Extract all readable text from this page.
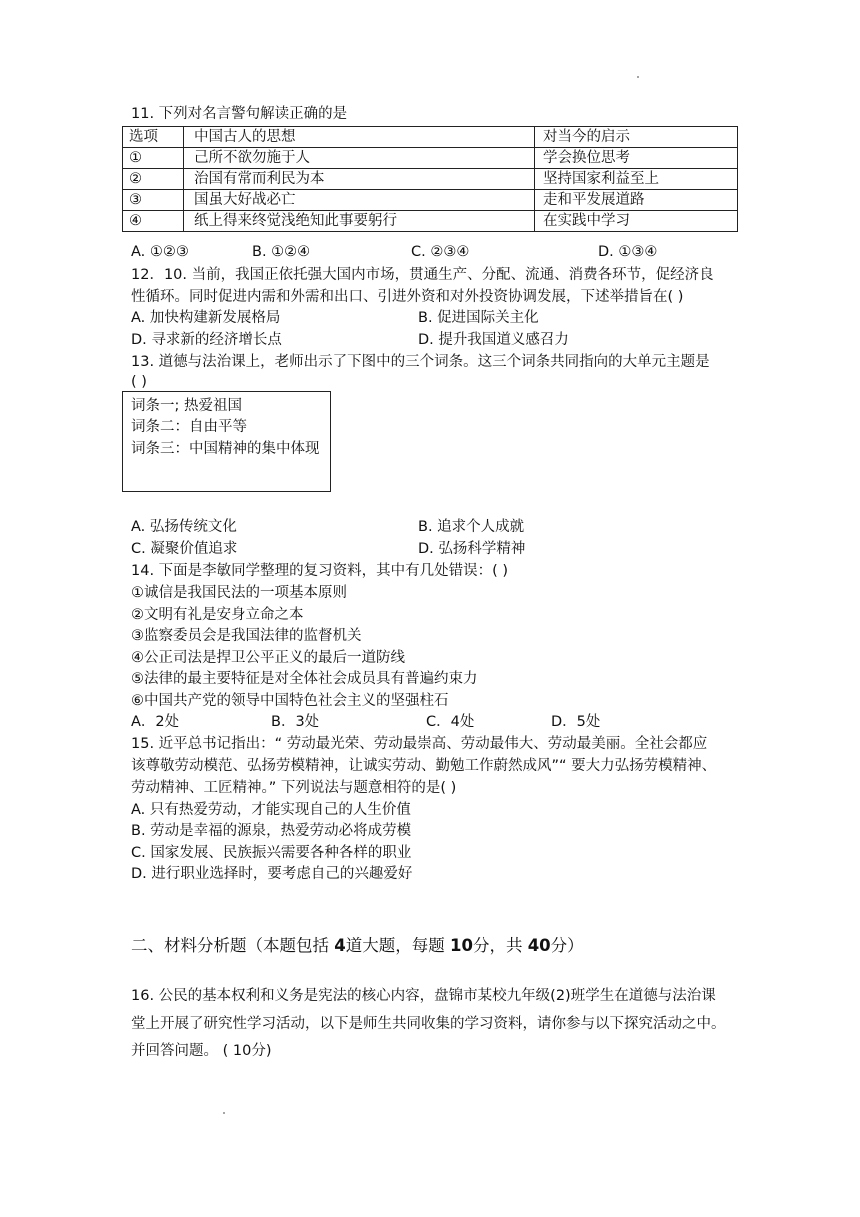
11. 下列对名言警句解读正确的是
选项	中国古人的思想	对当今的启示
①	己所不欲勿施于人	学会换位思考
②	治国有常而利民为本	坚持国家利益至上
③	国虽大好战必亡	走和平发展道路
④	纸上得来终觉浅绝知此事要躬行	在实践中学习
A. ①②③	B. ①②④	C. ②③④	D. ①③④
12．10. 当前，我国正依托强大国内市场，贯通生产、分配、流通、消费各环节，促经济良
性循环。同时促进内需和外需和出口、引进外资和对外投资协调发展，下述举措旨在( )
A. 加快构建新发展格局	B. 促进国际关主化
D. 寻求新的经济增长点	D. 提升我国道义感召力
13. 道德与法治课上，老师出示了下图中的三个词条。这三个词条共同指向的大单元主题是
( )
词条一; 热爱祖国
词条二：自由平等
词条三：中国精神的集中体现
A. 弘扬传统文化	B. 追求个人成就
C. 凝聚价值追求	D. 弘扬科学精神
14. 下面是李敏同学整理的复习资料，其中有几处错误：( )
①诚信是我国民法的一项基本原则
②文明有礼是安身立命之本
③监察委员会是我国法律的监督机关
④公正司法是捍卫公平正义的最后一道防线
⑤法律的最主要特征是对全体社会成员具有普遍约束力
⑥中国共产党的领导中国特色社会主义的坚强柱石
A．2处	B．3处	C．4处	D．5处
15. 近平总书记指出：“ 劳动最光荣、劳动最崇高、劳动最伟大、劳动最美丽。全社会都应
该尊敬劳动模范、弘扬劳模精神，让诚实劳动、勤勉工作蔚然成风”“ 要大力弘扬劳模精神、
劳动精神、工匠精神。” 下列说法与题意相符的是( )
A. 只有热爱劳动，才能实现自己的人生价值
B. 劳动是幸福的源泉，热爱劳动必将成劳模
C. 国家发展、民族振兴需要各种各样的职业
D. 进行职业选择时，要考虑自己的兴趣爱好
二、材料分析题（本题包括 4道大题，每题 10分，共 40分）
16. 公民的基本权利和义务是宪法的核心内容，盘锦市某校九年级(2)班学生在道德与法治课
堂上开展了研究性学习活动，以下是师生共同收集的学习资料，请你参与以下探究活动之中。
并回答问题。 ( 10分)
